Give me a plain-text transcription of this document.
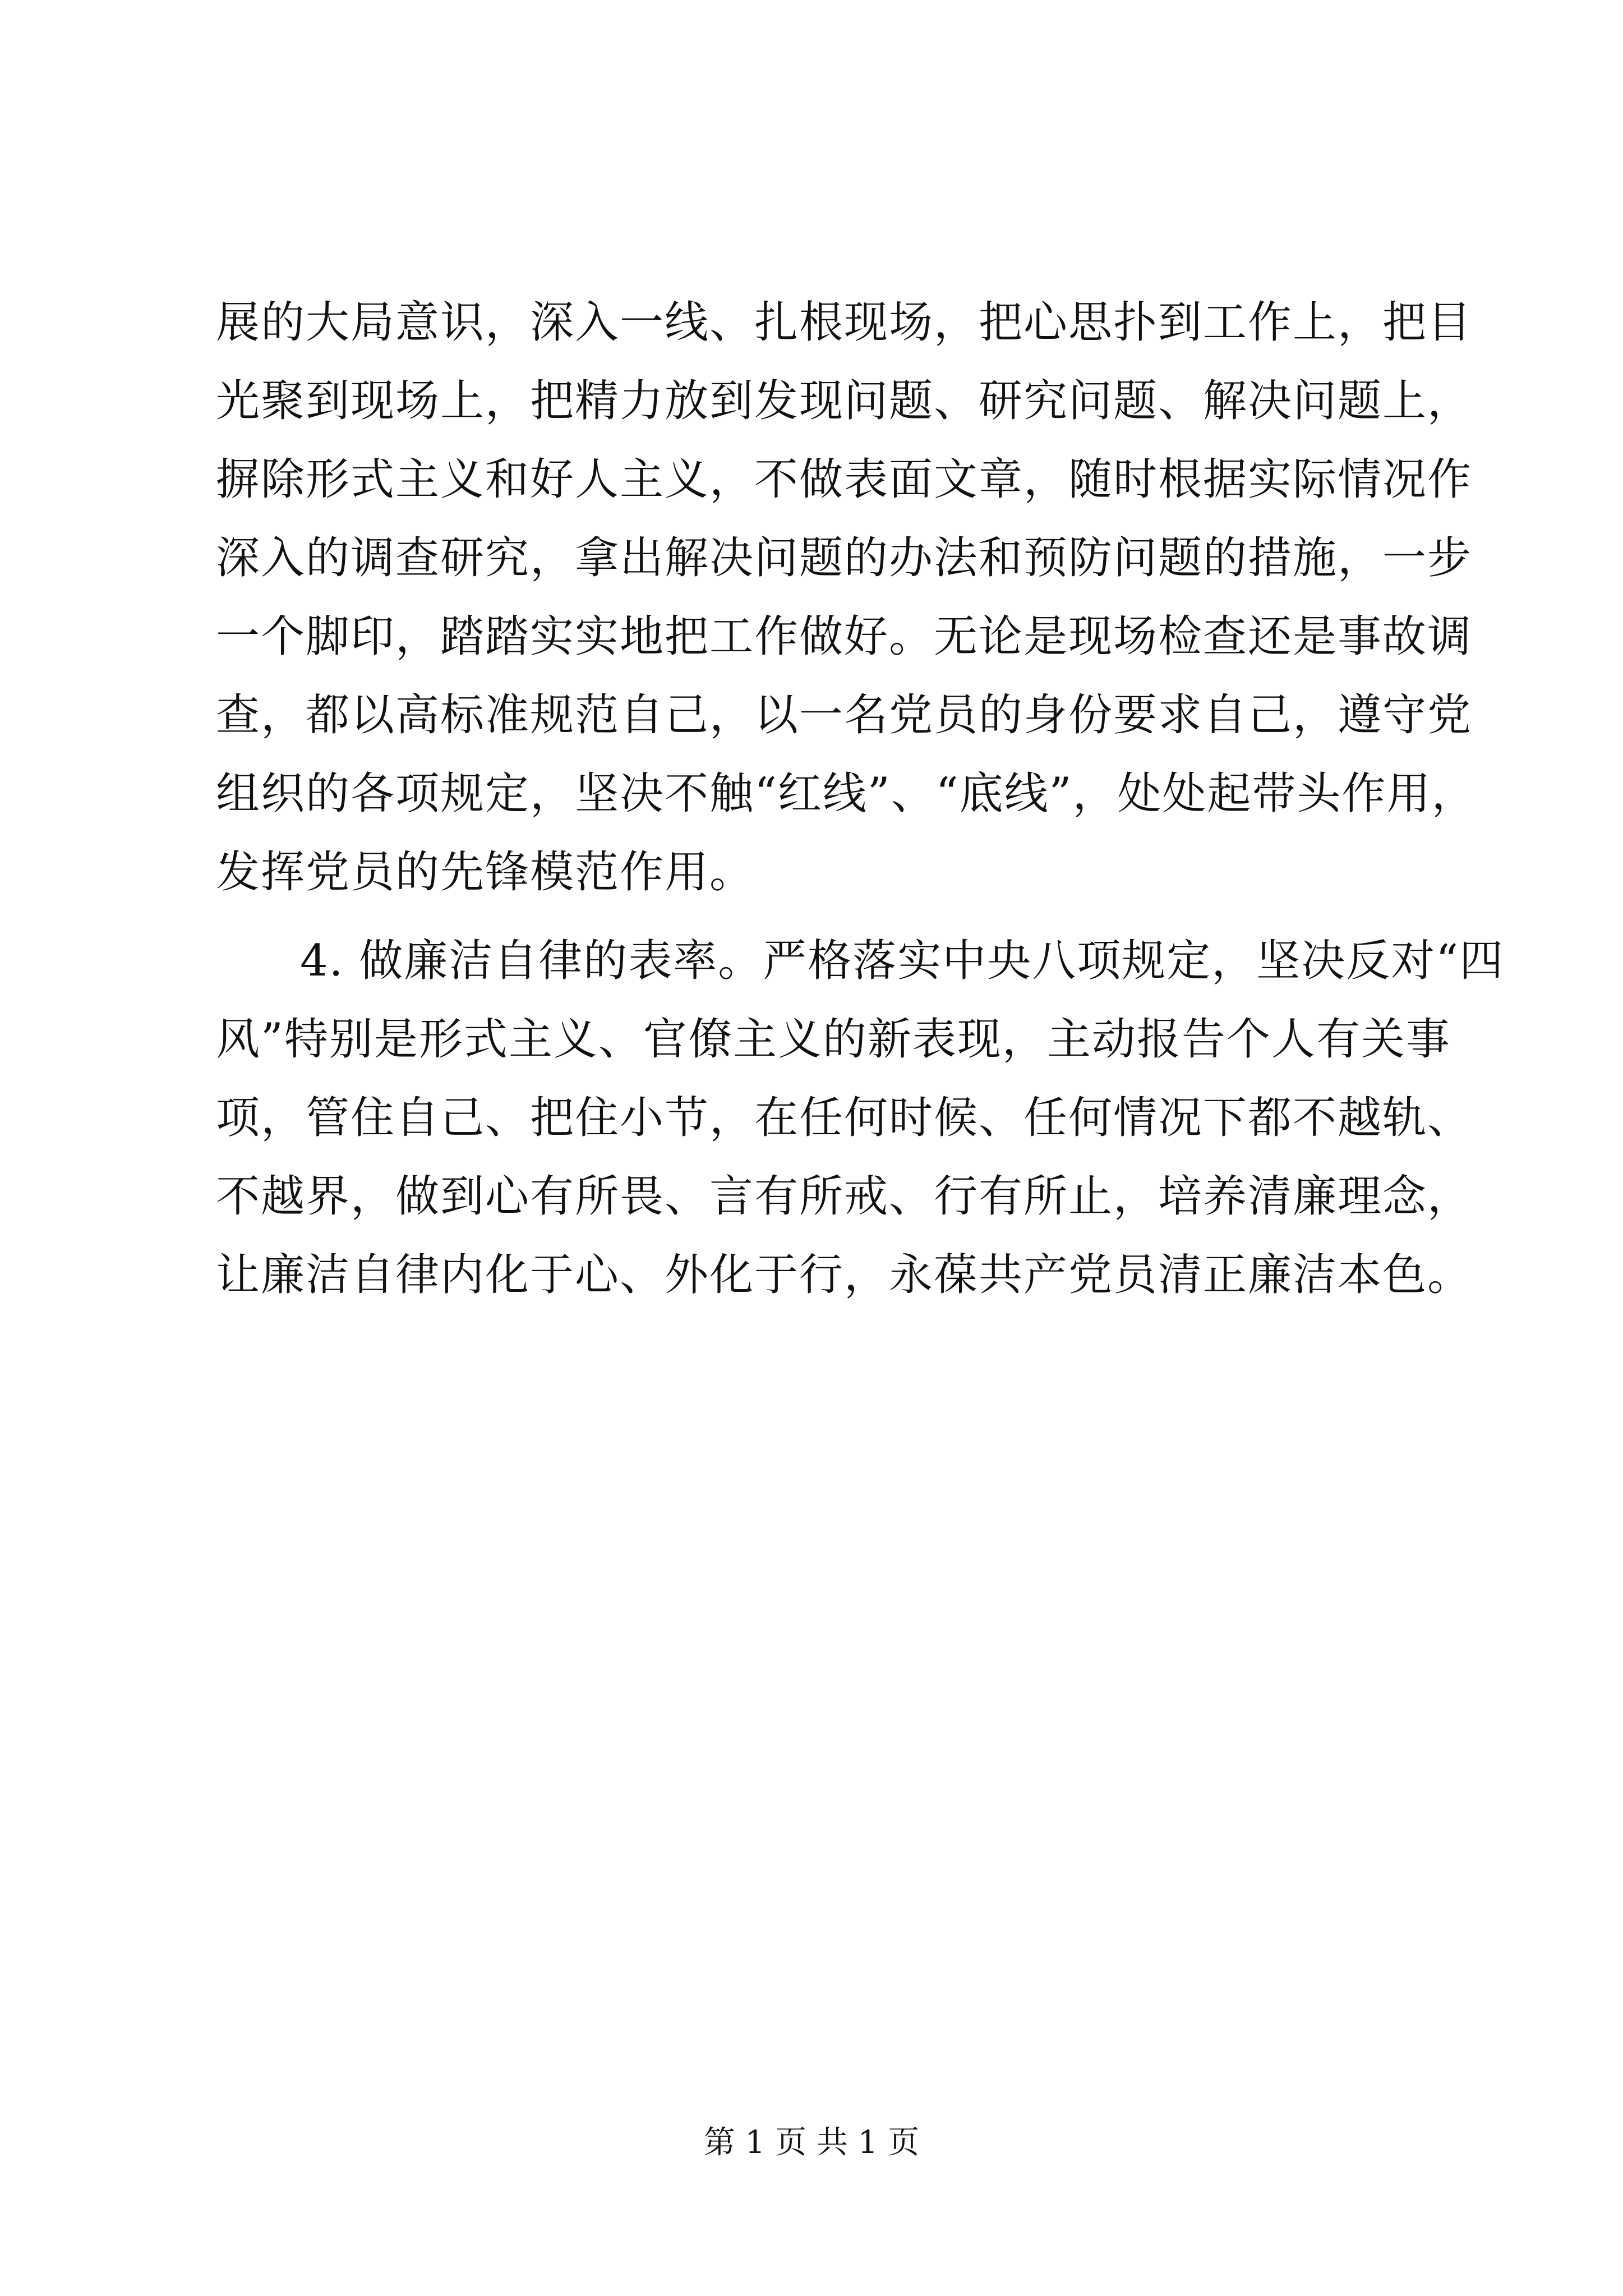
展的大局意识，深入一线、扎根现场，把心思扑到工作上，把目
光聚到现场上，把精力放到发现问题、研究问题、解决问题上，
摒除形式主义和好人主义，不做表面文章，随时根据实际情况作
深入的调查研究，拿出解决问题的办法和预防问题的措施，一步
一个脚印，踏踏实实地把工作做好。无论是现场检查还是事故调
查，都以高标准规范自己，以一名党员的身份要求自己，遵守党
组织的各项规定，坚决不触“红线”、“底线”，处处起带头作用，
发挥党员的先锋模范作用。
4. 做廉洁自律的表率。严格落实中央八项规定，坚决反对“四
风”特别是形式主义、官僚主义的新表现，主动报告个人有关事
项，管住自己、把住小节，在任何时候、任何情况下都不越轨、
不越界，做到心有所畏、言有所戒、行有所止，培养清廉理念，
让廉洁自律内化于心、外化于行，永葆共产党员清正廉洁本色。
第 1 页 共 1 页
